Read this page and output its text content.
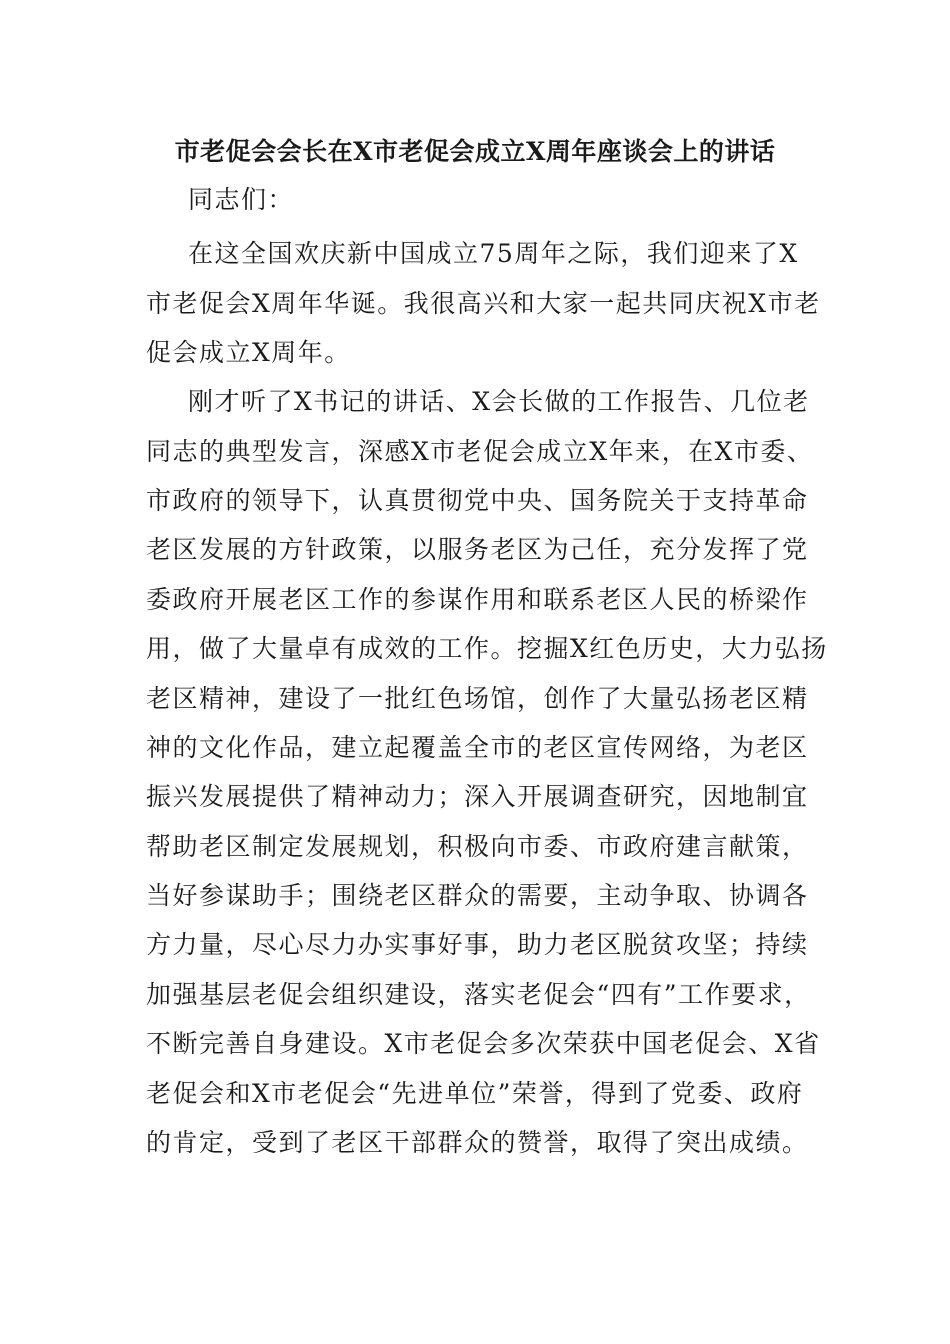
市老促会会长在X市老促会成立X周年座谈会上的讲话
同志们：
在这全国欢庆新中国成立75周年之际，我们迎来了X
市老促会X周年华诞。我很高兴和大家一起共同庆祝X市老
促会成立X周年。
刚才听了X书记的讲话、X会长做的工作报告、几位老
同志的典型发言，深感X市老促会成立X年来，在X市委、
市政府的领导下，认真贯彻党中央、国务院关于支持革命
老区发展的方针政策，以服务老区为己任，充分发挥了党
委政府开展老区工作的参谋作用和联系老区人民的桥梁作
用，做了大量卓有成效的工作。挖掘X红色历史，大力弘扬
老区精神，建设了一批红色场馆，创作了大量弘扬老区精
神的文化作品，建立起覆盖全市的老区宣传网络，为老区
振兴发展提供了精神动力；深入开展调查研究，因地制宜
帮助老区制定发展规划，积极向市委、市政府建言献策，
当好参谋助手；围绕老区群众的需要，主动争取、协调各
方力量，尽心尽力办实事好事，助力老区脱贫攻坚；持续
加强基层老促会组织建设，落实老促会“四有”工作要求，
不断完善自身建设。X市老促会多次荣获中国老促会、X省
老促会和X市老促会“先进单位”荣誉，得到了党委、政府
的肯定，受到了老区干部群众的赞誉，取得了突出成绩。
